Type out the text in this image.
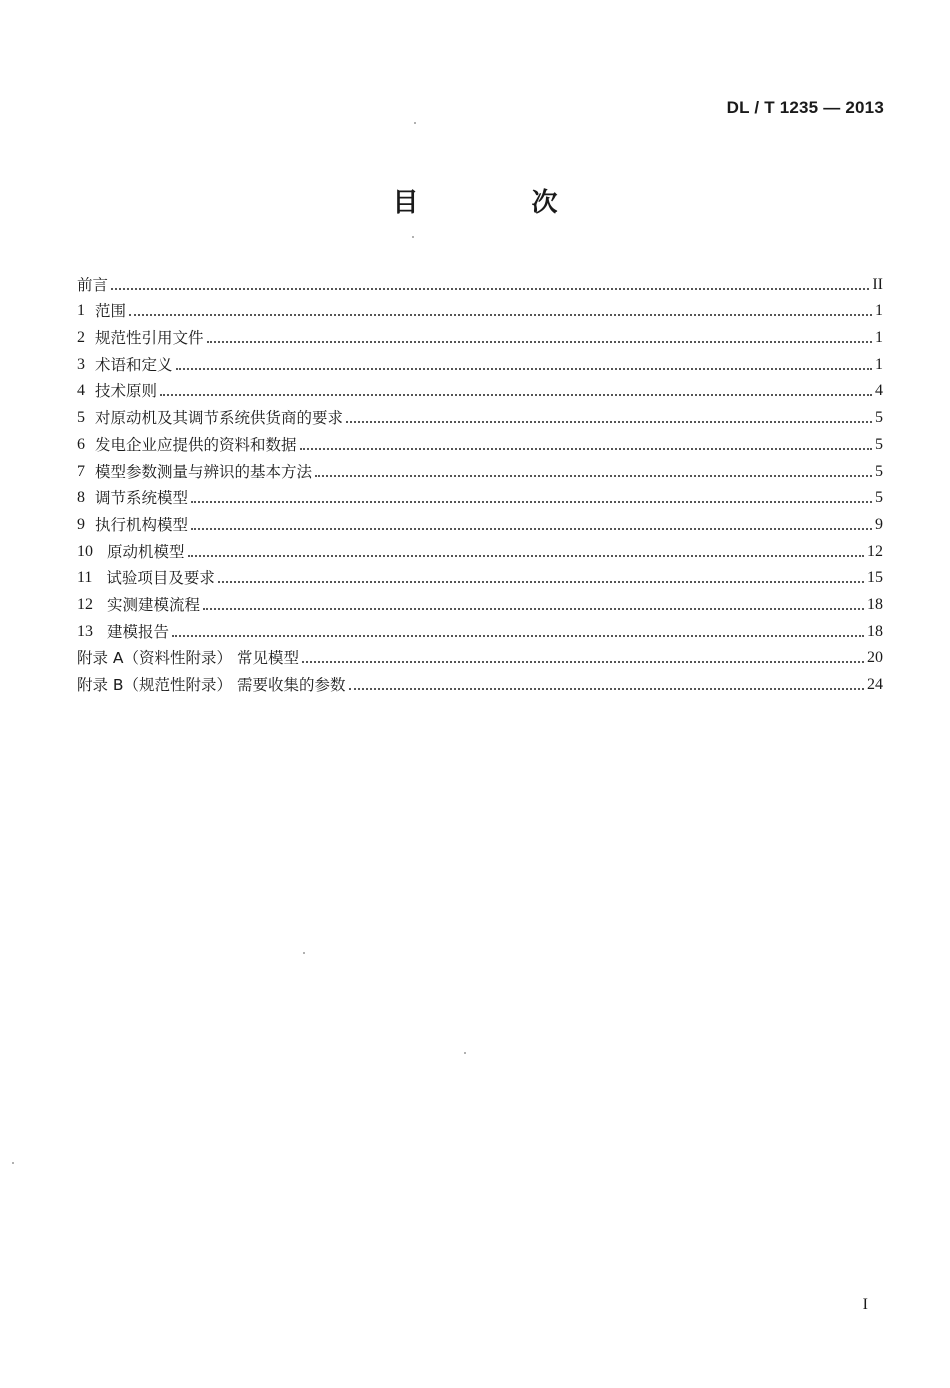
DL / T 1235 — 2013
目 次
前言	II
1 范围	1
2 规范性引用文件	1
3 术语和定义	1
4 技术原则	4
5 对原动机及其调节系统供货商的要求	5
6 发电企业应提供的资料和数据	5
7 模型参数测量与辨识的基本方法	5
8 调节系统模型	5
9 执行机构模型	9
10 原动机模型	12
11 试验项目及要求	15
12 实测建模流程	18
13 建模报告	18
附录 A（资料性附录） 常见模型	20
附录 B（规范性附录） 需要收集的参数	24
I
